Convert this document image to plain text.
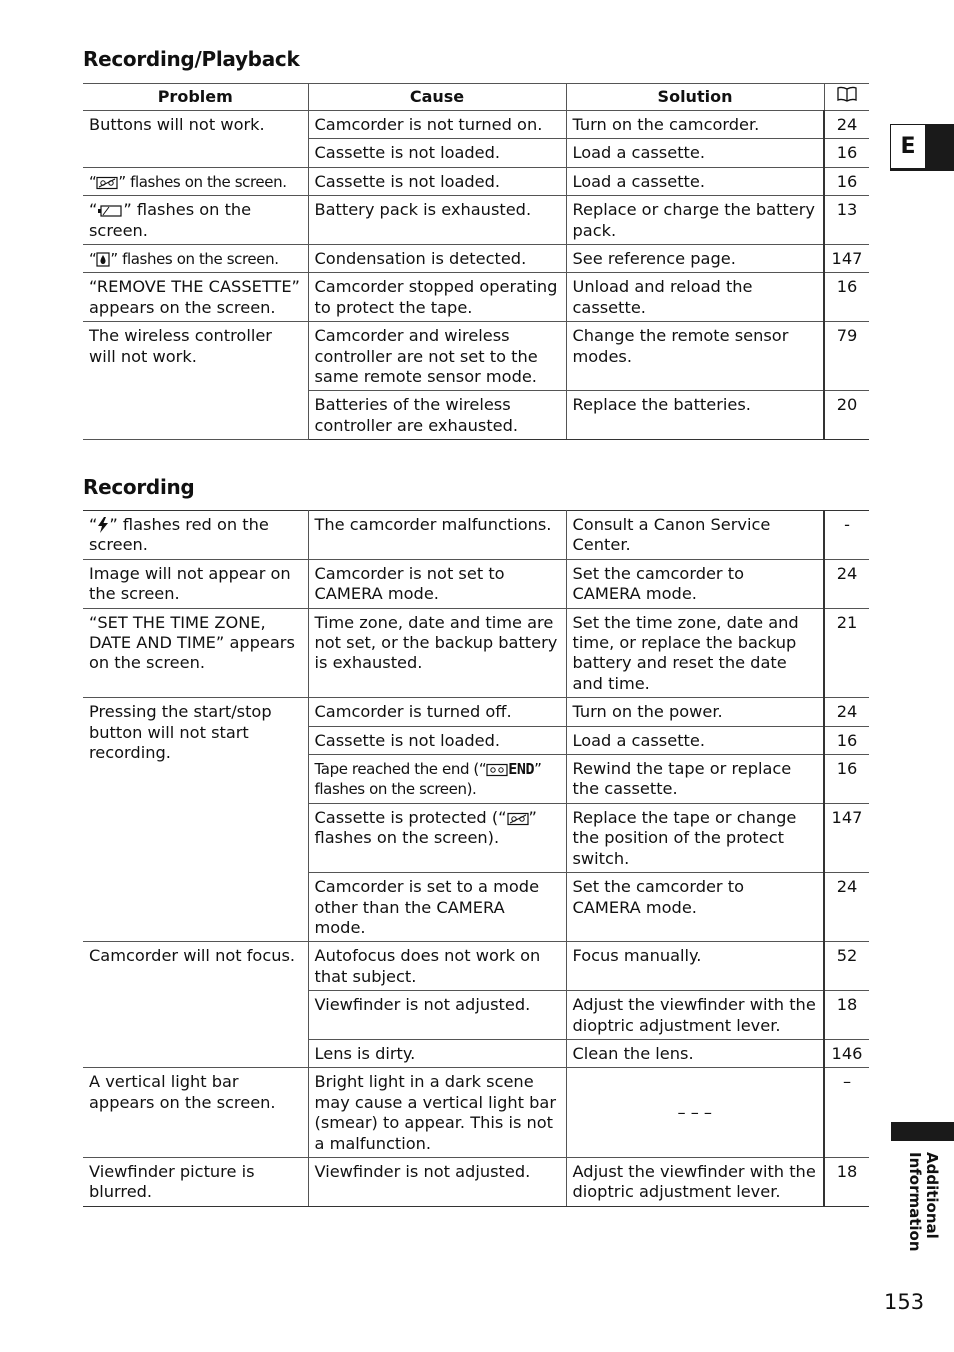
Recording/Playback
Problem	Cause	Solution	
Buttons will not work.	Camcorder is not turned on.	Turn on the camcorder.	24
	Cassette is not loaded.	Load a cassette.	16
“ ” flashes on the screen.	Cassette is not loaded.	Load a cassette.	16
“ ” flashes on the screen.	Battery pack is exhausted.	Replace or charge the battery pack.	13
“ ” flashes on the screen.	Condensation is detected.	See reference page.	147
“REMOVE THE CASSETTE” appears on the screen.	Camcorder stopped operating to protect the tape.	Unload and reload the cassette.	16
The wireless controller will not work.	Camcorder and wireless controller are not set to the same remote sensor mode.	Change the remote sensor modes.	79
	Batteries of the wireless controller are exhausted.	Replace the batteries.	20
Recording
“ ” flashes red on the screen.	The camcorder malfunctions.	Consult a Canon Service Center.	-
Image will not appear on the screen.	Camcorder is not set to CAMERA mode.	Set the camcorder to CAMERA mode.	24
“SET THE TIME ZONE, DATE AND TIME” appears on the screen.	Time zone, date and time are not set, or the backup battery is exhausted.	Set the time zone, date and time, or replace the backup battery and reset the date and time.	21
Pressing the start/stop button will not start recording.	Camcorder is turned off.	Turn on the power.	24
	Cassette is not loaded.	Load a cassette.	16
	Tape reached the end (“ END” flashes on the screen).	Rewind the tape or replace the cassette.	16
	Cassette is protected (“ ” flashes on the screen).	Replace the tape or change the position of the protect switch.	147
	Camcorder is set to a mode other than the CAMERA mode.	Set the camcorder to CAMERA mode.	24
Camcorder will not focus.	Autofocus does not work on that subject.	Focus manually.	52
	Viewfinder is not adjusted.	Adjust the viewfinder with the dioptric adjustment lever.	18
	Lens is dirty.	Clean the lens.	146
A vertical light bar appears on the screen.	Bright light in a dark scene may cause a vertical light bar (smear) to appear. This is not a malfunction.	– – –	–
Viewfinder picture is blurred.	Viewfinder is not adjusted.	Adjust the viewfinder with the dioptric adjustment lever.	18
E
Additional Information
153
